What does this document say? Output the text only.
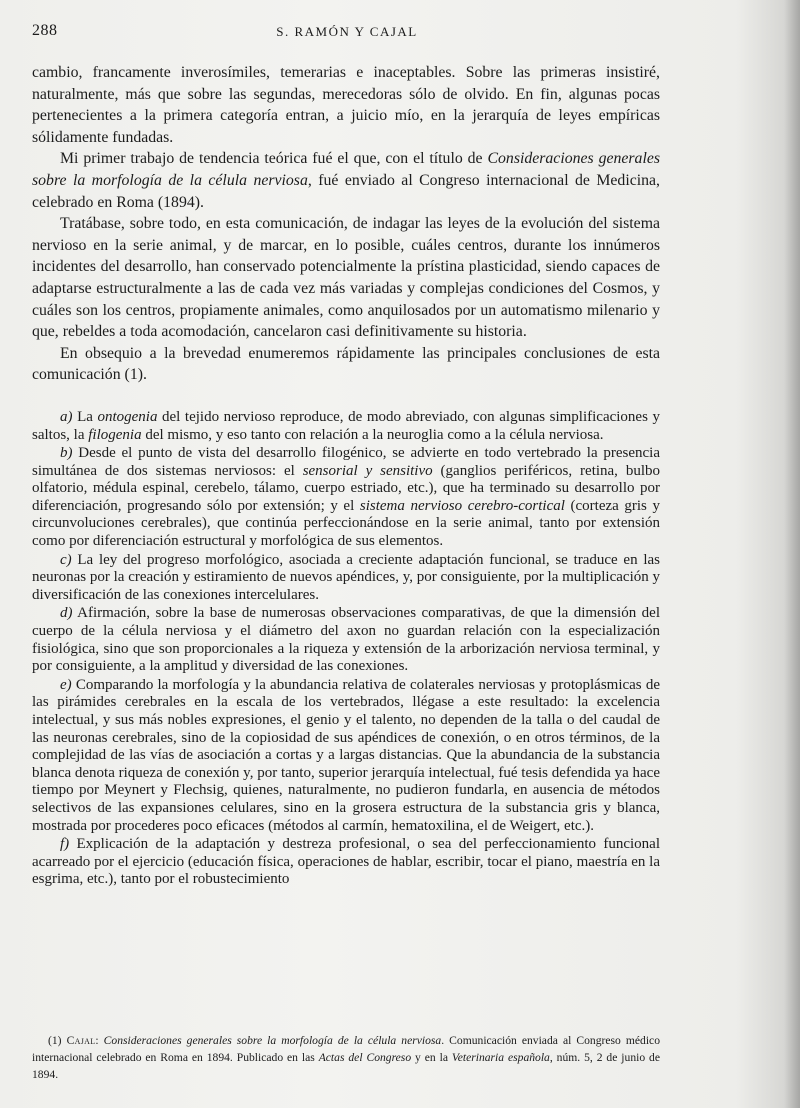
288	S. RAMÓN Y CAJAL

cambio, francamente inverosímiles, temerarias e inaceptables. Sobre las primeras insistiré, naturalmente, más que sobre las segundas, merecedoras sólo de olvido. En fin, algunas pocas pertenecientes a la primera categoría entran, a juicio mío, en la jerarquía de leyes empíricas sólidamente fundadas.

Mi primer trabajo de tendencia teórica fué el que, con el título de Consideraciones generales sobre la morfología de la célula nerviosa, fué enviado al Congreso internacional de Medicina, celebrado en Roma (1894).

Tratábase, sobre todo, en esta comunicación, de indagar las leyes de la evolución del sistema nervioso en la serie animal, y de marcar, en lo posible, cuáles centros, durante los innúmeros incidentes del desarrollo, han conservado potencialmente la prístina plasticidad, siendo capaces de adaptarse estructuralmente a las de cada vez más variadas y complejas condiciones del Cosmos, y cuáles son los centros, propiamente animales, como anquilosados por un automatismo milenario y que, rebeldes a toda acomodación, cancelaron casi definitivamente su historia.

En obsequio a la brevedad enumeremos rápidamente las principales conclusiones de esta comunicación (1).

a) La ontogenia del tejido nervioso reproduce, de modo abreviado, con algunas simplificaciones y saltos, la filogenia del mismo, y eso tanto con relación a la neuroglia como a la célula nerviosa.

b) Desde el punto de vista del desarrollo filogénico, se advierte en todo vertebrado la presencia simultánea de dos sistemas nerviosos: el sensorial y sensitivo (ganglios periféricos, retina, bulbo olfatorio, médula espinal, cerebelo, tálamo, cuerpo estriado, etc.), que ha terminado su desarrollo por diferenciación, progresando sólo por extensión; y el sistema nervioso cerebro-cortical (corteza gris y circunvoluciones cerebrales), que continúa perfeccionándose en la serie animal, tanto por extensión como por diferenciación estructural y morfológica de sus elementos.

c) La ley del progreso morfológico, asociada a creciente adaptación funcional, se traduce en las neuronas por la creación y estiramiento de nuevos apéndices, y, por consiguiente, por la multiplicación y diversificación de las conexiones intercelulares.

d) Afirmación, sobre la base de numerosas observaciones comparativas, de que la dimensión del cuerpo de la célula nerviosa y el diámetro del axon no guardan relación con la especialización fisiológica, sino que son proporcionales a la riqueza y extensión de la arborización nerviosa terminal, y por consiguiente, a la amplitud y diversidad de las conexiones.

e) Comparando la morfología y la abundancia relativa de colaterales nerviosas y protoplásmicas de las pirámides cerebrales en la escala de los vertebrados, llégase a este resultado: la excelencia intelectual, y sus más nobles expresiones, el genio y el talento, no dependen de la talla o del caudal de las neuronas cerebrales, sino de la copiosidad de sus apéndices de conexión, o en otros términos, de la complejidad de las vías de asociación a cortas y a largas distancias. Que la abundancia de la substancia blanca denota riqueza de conexión y, por tanto, superior jerarquía intelectual, fué tesis defendida ya hace tiempo por Meynert y Flechsig, quienes, naturalmente, no pudieron fundarla, en ausencia de métodos selectivos de las expansiones celulares, sino en la grosera estructura de la substancia gris y blanca, mostrada por procederes poco eficaces (métodos al carmín, hematoxilina, el de Weigert, etc.).

f) Explicación de la adaptación y destreza profesional, o sea del perfeccionamiento funcional acarreado por el ejercicio (educación física, operaciones de hablar, escribir, tocar el piano, maestría en la esgrima, etc.), tanto por el robustecimiento

(1) Cajal: Consideraciones generales sobre la morfología de la célula nerviosa. Comunicación enviada al Congreso médico internacional celebrado en Roma en 1894. Publicado en las Actas del Congreso y en la Veterinaria española, núm. 5, 2 de junio de 1894.
